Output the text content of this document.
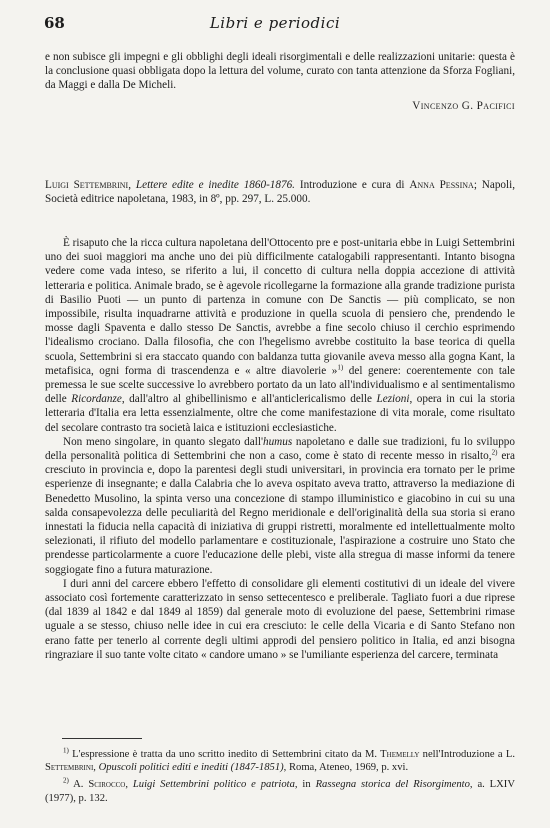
68	Libri e periodici

e non subisce gli impegni e gli obblighi degli ideali risorgimentali e delle realizzazioni unitarie: questa è la conclusione quasi obbligata dopo la lettura del volume, curato con tanta attenzione da Sforza Fogliani, da Maggi e dalla De Micheli.

Vincenzo G. Pacifici

Luigi Settembrini, Lettere edite e inedite 1860-1876. Introduzione e cura di Anna Pessina; Napoli, Società editrice napoletana, 1983, in 8º, pp. 297, L. 25.000.

È risaputo che la ricca cultura napoletana dell'Ottocento pre e post-unitaria ebbe in Luigi Settembrini uno dei suoi maggiori ma anche uno dei più difficilmente catalogabili rappresentanti. Intanto bisogna vedere come vada inteso, se riferito a lui, il concetto di cultura nella doppia accezione di attività letteraria e politica. Animale brado, se è agevole ricollegarne la formazione alla grande tradizione purista di Basilio Puoti — un punto di partenza in comune con De Sanctis — più complicato, se non impossibile, risulta inquadrarne attività e produzione in quella scuola di pensiero che, prendendo le mosse dagli Spaventa e dallo stesso De Sanctis, avrebbe a fine secolo chiuso il cerchio esprimendo l'idealismo crociano. Dalla filosofia, che con l'hegelismo avrebbe costituito la base teorica di quella scuola, Settembrini si era staccato quando con baldanza tutta giovanile aveva messo alla gogna Kant, la metafisica, ogni forma di trascendenza e « altre diavolerie »$^{1)}$ del genere: coerentemente con tale premessa le sue scelte successive lo avrebbero portato da un lato all'individualismo e al sentimentalismo delle Ricordanze, dall'altro al ghibellinismo e all'anticlericalismo delle Lezioni, opera in cui la storia letteraria d'Italia era letta essenzialmente, oltre che come manifestazione di vita morale, come risultato del secolare contrasto tra società laica e istituzioni ecclesiastiche.

Non meno singolare, in quanto slegato dall'humus napoletano e dalle sue tradizioni, fu lo sviluppo della personalità politica di Settembrini che non a caso, come è stato di recente messo in risalto,$^{2)}$ era cresciuto in provincia e, dopo la parentesi degli studi universitari, in provincia era tornato per le prime esperienze di insegnante; e dalla Calabria che lo aveva ospitato aveva tratto, attraverso la mediazione di Benedetto Musolino, la spinta verso una concezione di stampo illuministico e giacobino in cui su una salda consapevolezza delle peculiarità del Regno meridionale e dell'originalità della sua storia si erano innestati la fiducia nella capacità di iniziativa di gruppi ristretti, moralmente ed intellettualmente molto selezionati, il rifiuto del modello parlamentare e costituzionale, l'aspirazione a costruire uno Stato che prendesse particolarmente a cuore l'educazione delle plebi, viste alla stregua di masse informi da tenere soggiogate fino a futura maturazione.

I duri anni del carcere ebbero l'effetto di consolidare gli elementi costitutivi di un ideale del vivere associato così fortemente caratterizzato in senso settecentesco e preliberale. Tagliato fuori a due riprese (dal 1839 al 1842 e dal 1849 al 1859) dal generale moto di evoluzione del paese, Settembrini rimase uguale a se stesso, chiuso nelle idee in cui era cresciuto: le celle della Vicaria e di Santo Stefano non erano fatte per tenerlo al corrente degli ultimi approdi del pensiero politico in Italia, ed anzi bisogna ringraziare il suo tante volte citato « candore umano » se l'umiliante esperienza del carcere, terminata

$^{1)}$ L'espressione è tratta da uno scritto inedito di Settembrini citato da M. Themelly nell'Introduzione a L. Settembrini, Opuscoli politici editi e inediti (1847-1851), Roma, Ateneo, 1969, p. xvi.

$^{2)}$ A. Scirocco, Luigi Settembrini politico e patriota, in Rassegna storica del Risorgimento, a. LXIV (1977), p. 132.
